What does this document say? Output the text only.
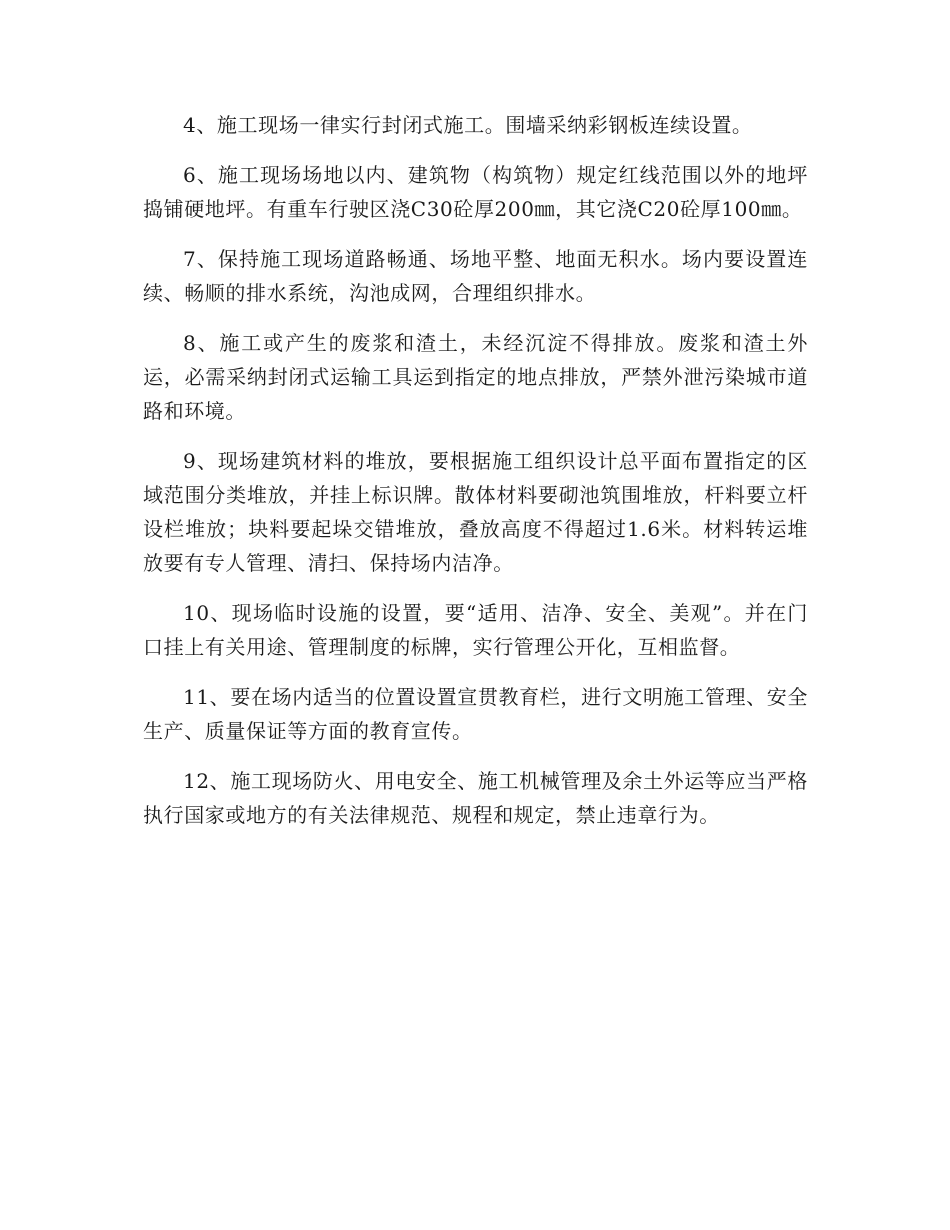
4、施工现场一律实行封闭式施工。围墙采纳彩钢板连续设置。

6、施工现场场地以内、建筑物（构筑物）规定红线范围以外的地坪捣铺硬地坪。有重车行驶区浇C30砼厚200㎜，其它浇C20砼厚100㎜。

7、保持施工现场道路畅通、场地平整、地面无积水。场内要设置连续、畅顺的排水系统，沟池成网，合理组织排水。

8、施工或产生的废浆和渣土，未经沉淀不得排放。废浆和渣土外运，必需采纳封闭式运输工具运到指定的地点排放，严禁外泄污染城市道路和环境。

9、现场建筑材料的堆放，要根据施工组织设计总平面布置指定的区域范围分类堆放，并挂上标识牌。散体材料要砌池筑围堆放，杆料要立杆设栏堆放；块料要起垛交错堆放，叠放高度不得超过1.6米。材料转运堆放要有专人管理、清扫、保持场内洁净。

10、现场临时设施的设置，要“适用、洁净、安全、美观”。并在门口挂上有关用途、管理制度的标牌，实行管理公开化，互相监督。

11、要在场内适当的位置设置宣贯教育栏，进行文明施工管理、安全生产、质量保证等方面的教育宣传。

12、施工现场防火、用电安全、施工机械管理及余土外运等应当严格执行国家或地方的有关法律规范、规程和规定，禁止违章行为。
